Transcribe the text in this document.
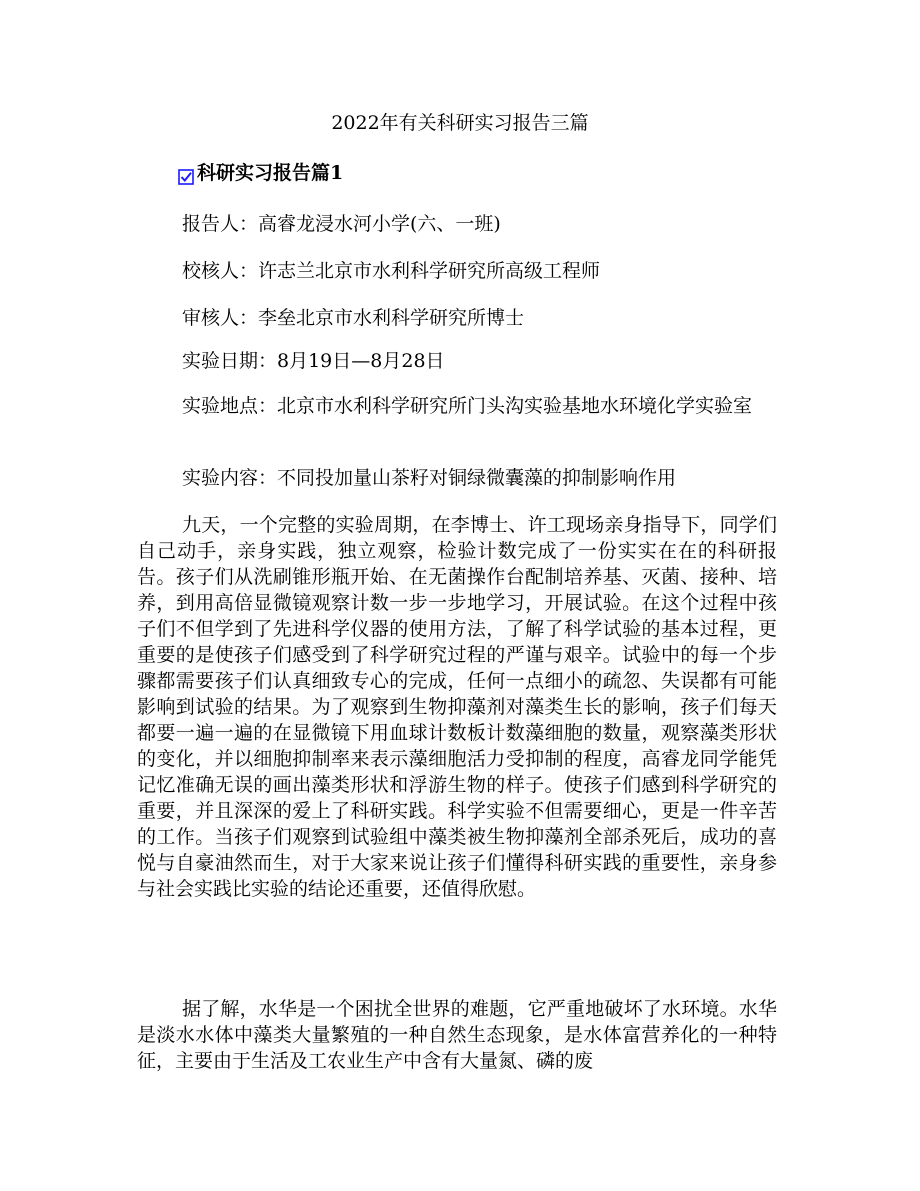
2022年有关科研实习报告三篇
科研实习报告篇1
报告人：高睿龙浸水河小学(六、一班)
校核人：许志兰北京市水利科学研究所高级工程师
审核人：李垒北京市水利科学研究所博士
实验日期：8月19日—8月28日
实验地点：北京市水利科学研究所门头沟实验基地水环境化学实验室
实验内容：不同投加量山茶籽对铜绿微囊藻的抑制影响作用
九天，一个完整的实验周期，在李博士、许工现场亲身指导下，同学们自己动手，亲身实践，独立观察，检验计数完成了一份实实在在的科研报告。孩子们从洗刷锥形瓶开始、在无菌操作台配制培养基、灭菌、接种、培养，到用高倍显微镜观察计数一步一步地学习，开展试验。在这个过程中孩子们不但学到了先进科学仪器的使用方法，了解了科学试验的基本过程，更重要的是使孩子们感受到了科学研究过程的严谨与艰辛。试验中的每一个步骤都需要孩子们认真细致专心的完成，任何一点细小的疏忽、失误都有可能影响到试验的结果。为了观察到生物抑藻剂对藻类生长的影响，孩子们每天都要一遍一遍的在显微镜下用血球计数板计数藻细胞的数量，观察藻类形状的变化，并以细胞抑制率来表示藻细胞活力受抑制的程度，高睿龙同学能凭记忆准确无误的画出藻类形状和浮游生物的样子。使孩子们感到科学研究的重要，并且深深的爱上了科研实践。科学实验不但需要细心，更是一件辛苦的工作。当孩子们观察到试验组中藻类被生物抑藻剂全部杀死后，成功的喜悦与自豪油然而生，对于大家来说让孩子们懂得科研实践的重要性，亲身参与社会实践比实验的结论还重要，还值得欣慰。
据了解，水华是一个困扰全世界的难题，它严重地破坏了水环境。水华是淡水水体中藻类大量繁殖的一种自然生态现象，是水体富营养化的一种特征，主要由于生活及工农业生产中含有大量氮、磷的废
